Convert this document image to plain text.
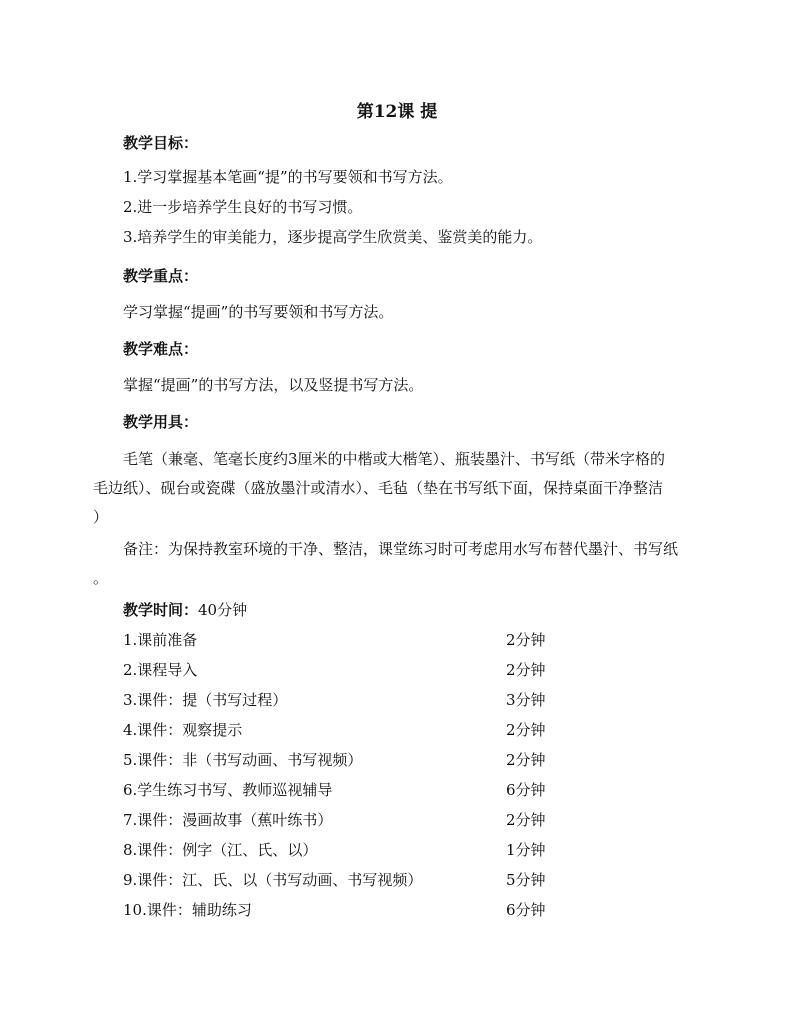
第12课 提
教学目标：
1.学习掌握基本笔画“提”的书写要领和书写方法。
2.进一步培养学生良好的书写习惯。
3.培养学生的审美能力，逐步提高学生欣赏美、鉴赏美的能力。
教学重点：
学习掌握“提画”的书写要领和书写方法。
教学难点：
掌握“提画”的书写方法，以及竖提书写方法。
教学用具：
毛笔（兼毫、笔毫长度约3厘米的中楷或大楷笔）、瓶装墨汁、书写纸（带米字格的
毛边纸）、砚台或瓷碟（盛放墨汁或清水）、毛毡（垫在书写纸下面，保持桌面干净整洁
）
备注：为保持教室环境的干净、整洁，课堂练习时可考虑用水写布替代墨汁、书写纸
。
教学时间：40分钟
1.课前准备	2分钟
2.课程导入	2分钟
3.课件：提（书写过程）	3分钟
4.课件：观察提示	2分钟
5.课件：非（书写动画、书写视频）	2分钟
6.学生练习书写、教师巡视辅导	6分钟
7.课件：漫画故事（蕉叶练书）	2分钟
8.课件：例字（江、氏、以）	1分钟
9.课件：江、氏、以（书写动画、书写视频）	5分钟
10.课件：辅助练习	6分钟
